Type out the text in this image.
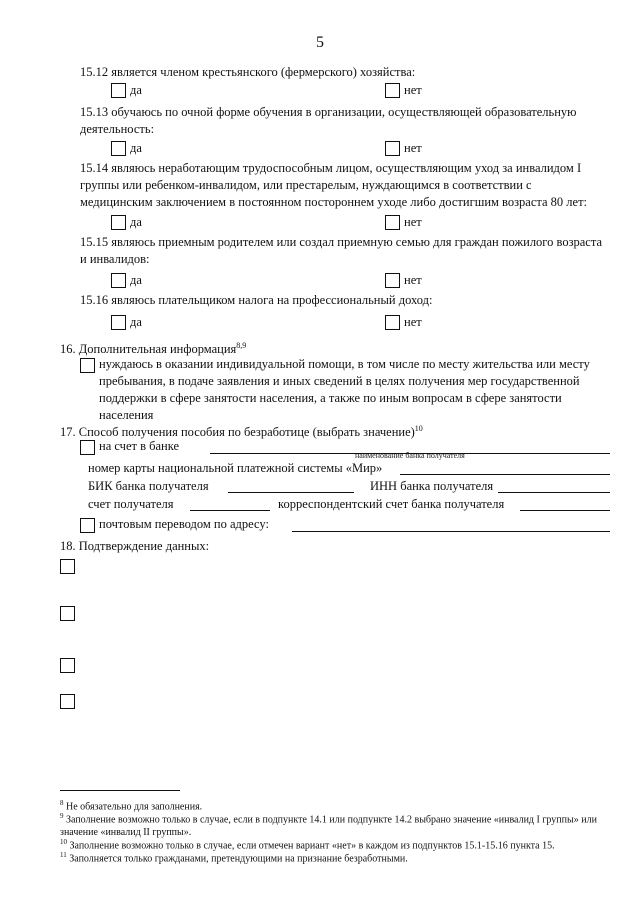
5
15.12 является членом крестьянского (фермерского) хозяйства:
да	нет
15.13 обучаюсь по очной форме обучения в организации, осуществляющей образовательную деятельность:
да	нет
15.14 являюсь неработающим трудоспособным лицом, осуществляющим уход за инвалидом I группы или ребенком-инвалидом, или престарелым, нуждающимся в соответствии с медицинским заключением в постоянном постороннем уходе либо достигшим возраста 80 лет:
да	нет
15.15 являюсь приемным родителем или создал приемную семью для граждан пожилого возраста и инвалидов:
да	нет
15.16 являюсь плательщиком налога на профессиональный доход:
да	нет
16. Дополнительная информация$^{8,9}$
нуждаюсь в оказании индивидуальной помощи, в том числе по месту жительства или месту пребывания, в подаче заявления и иных сведений в целях получения мер государственной поддержки в сфере занятости населения, а также по иным вопросам в сфере занятости населения
17. Способ получения пособия по безработице (выбрать значение)$^{10}$
на счет в банке
наименование банка получателя
номер карты национальной платежной системы «Мир»
БИК банка получателя	ИНН банка получателя
счет получателя	корреспондентский счет банка получателя
почтовым переводом по адресу:
18. Подтверждение данных:
$^8$ Не обязательно для заполнения.
$^9$ Заполнение возможно только в случае, если в подпункте 14.1 или подпункте 14.2 выбрано значение «инвалид I группы» или значение «инвалид II группы».
$^{10}$ Заполнение возможно только в случае, если отмечен вариант «нет» в каждом из подпунктов 15.1-15.16 пункта 15.
$^{11}$ Заполняется только гражданами, претендующими на признание безработными.
